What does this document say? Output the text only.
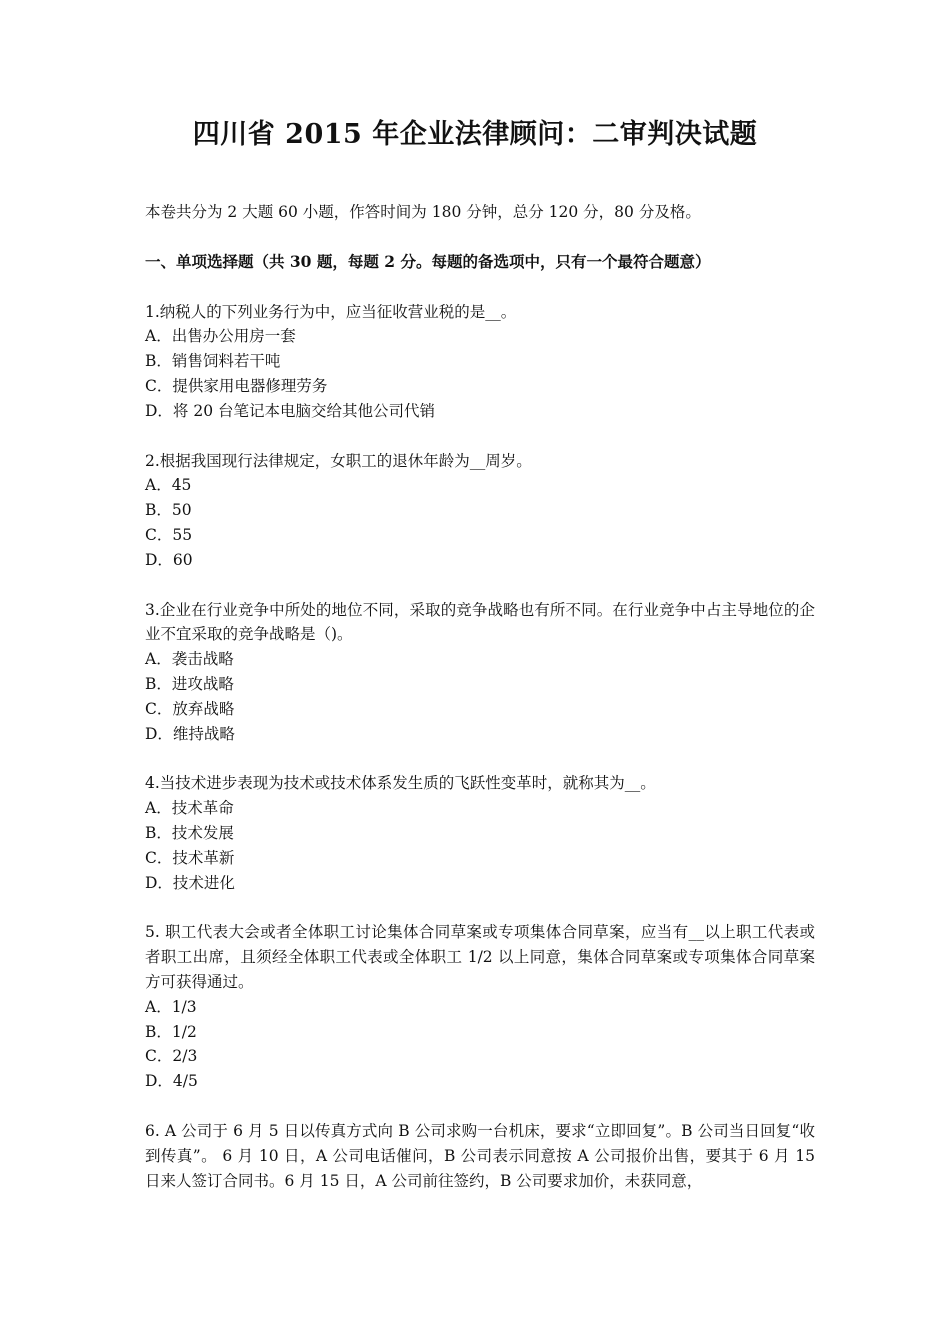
四川省 2015 年企业法律顾问：二审判决试题

本卷共分为 2 大题 60 小题，作答时间为 180 分钟，总分 120 分，80 分及格。

一、单项选择题（共 30 题，每题 2 分。每题的备选项中，只有一个最符合题意）

1.纳税人的下列业务行为中，应当征收营业税的是__。

A．出售办公用房一套

B．销售饲料若干吨

C．提供家用电器修理劳务

D．将 20 台笔记本电脑交给其他公司代销

2.根据我国现行法律规定，女职工的退休年龄为__周岁。

A．45

B．50

C．55

D．60

3.企业在行业竞争中所处的地位不同，采取的竞争战略也有所不同。在行业竞争中占主导地位的企业不宜采取的竞争战略是（)。

A．袭击战略

B．进攻战略

C．放弃战略

D．维持战略

4.当技术进步表现为技术或技术体系发生质的飞跃性变革时，就称其为__。

A．技术革命

B．技术发展

C．技术革新

D．技术进化

5. 职工代表大会或者全体职工讨论集体合同草案或专项集体合同草案，应当有__以上职工代表或者职工出席，且须经全体职工代表或全体职工 1/2 以上同意，集体合同草案或专项集体合同草案方可获得通过。

A．1/3

B．1/2

C．2/3

D．4/5

6. A 公司于 6 月 5 日以传真方式向 B 公司求购一台机床，要求“立即回复”。B 公司当日回复“收到传真”。 6 月 10 日，A 公司电话催问，B 公司表示同意按 A 公司报价出售，要其于 6 月 15 日来人签订合同书。6 月 15 日，A 公司前往签约，B 公司要求加价，未获同意，
